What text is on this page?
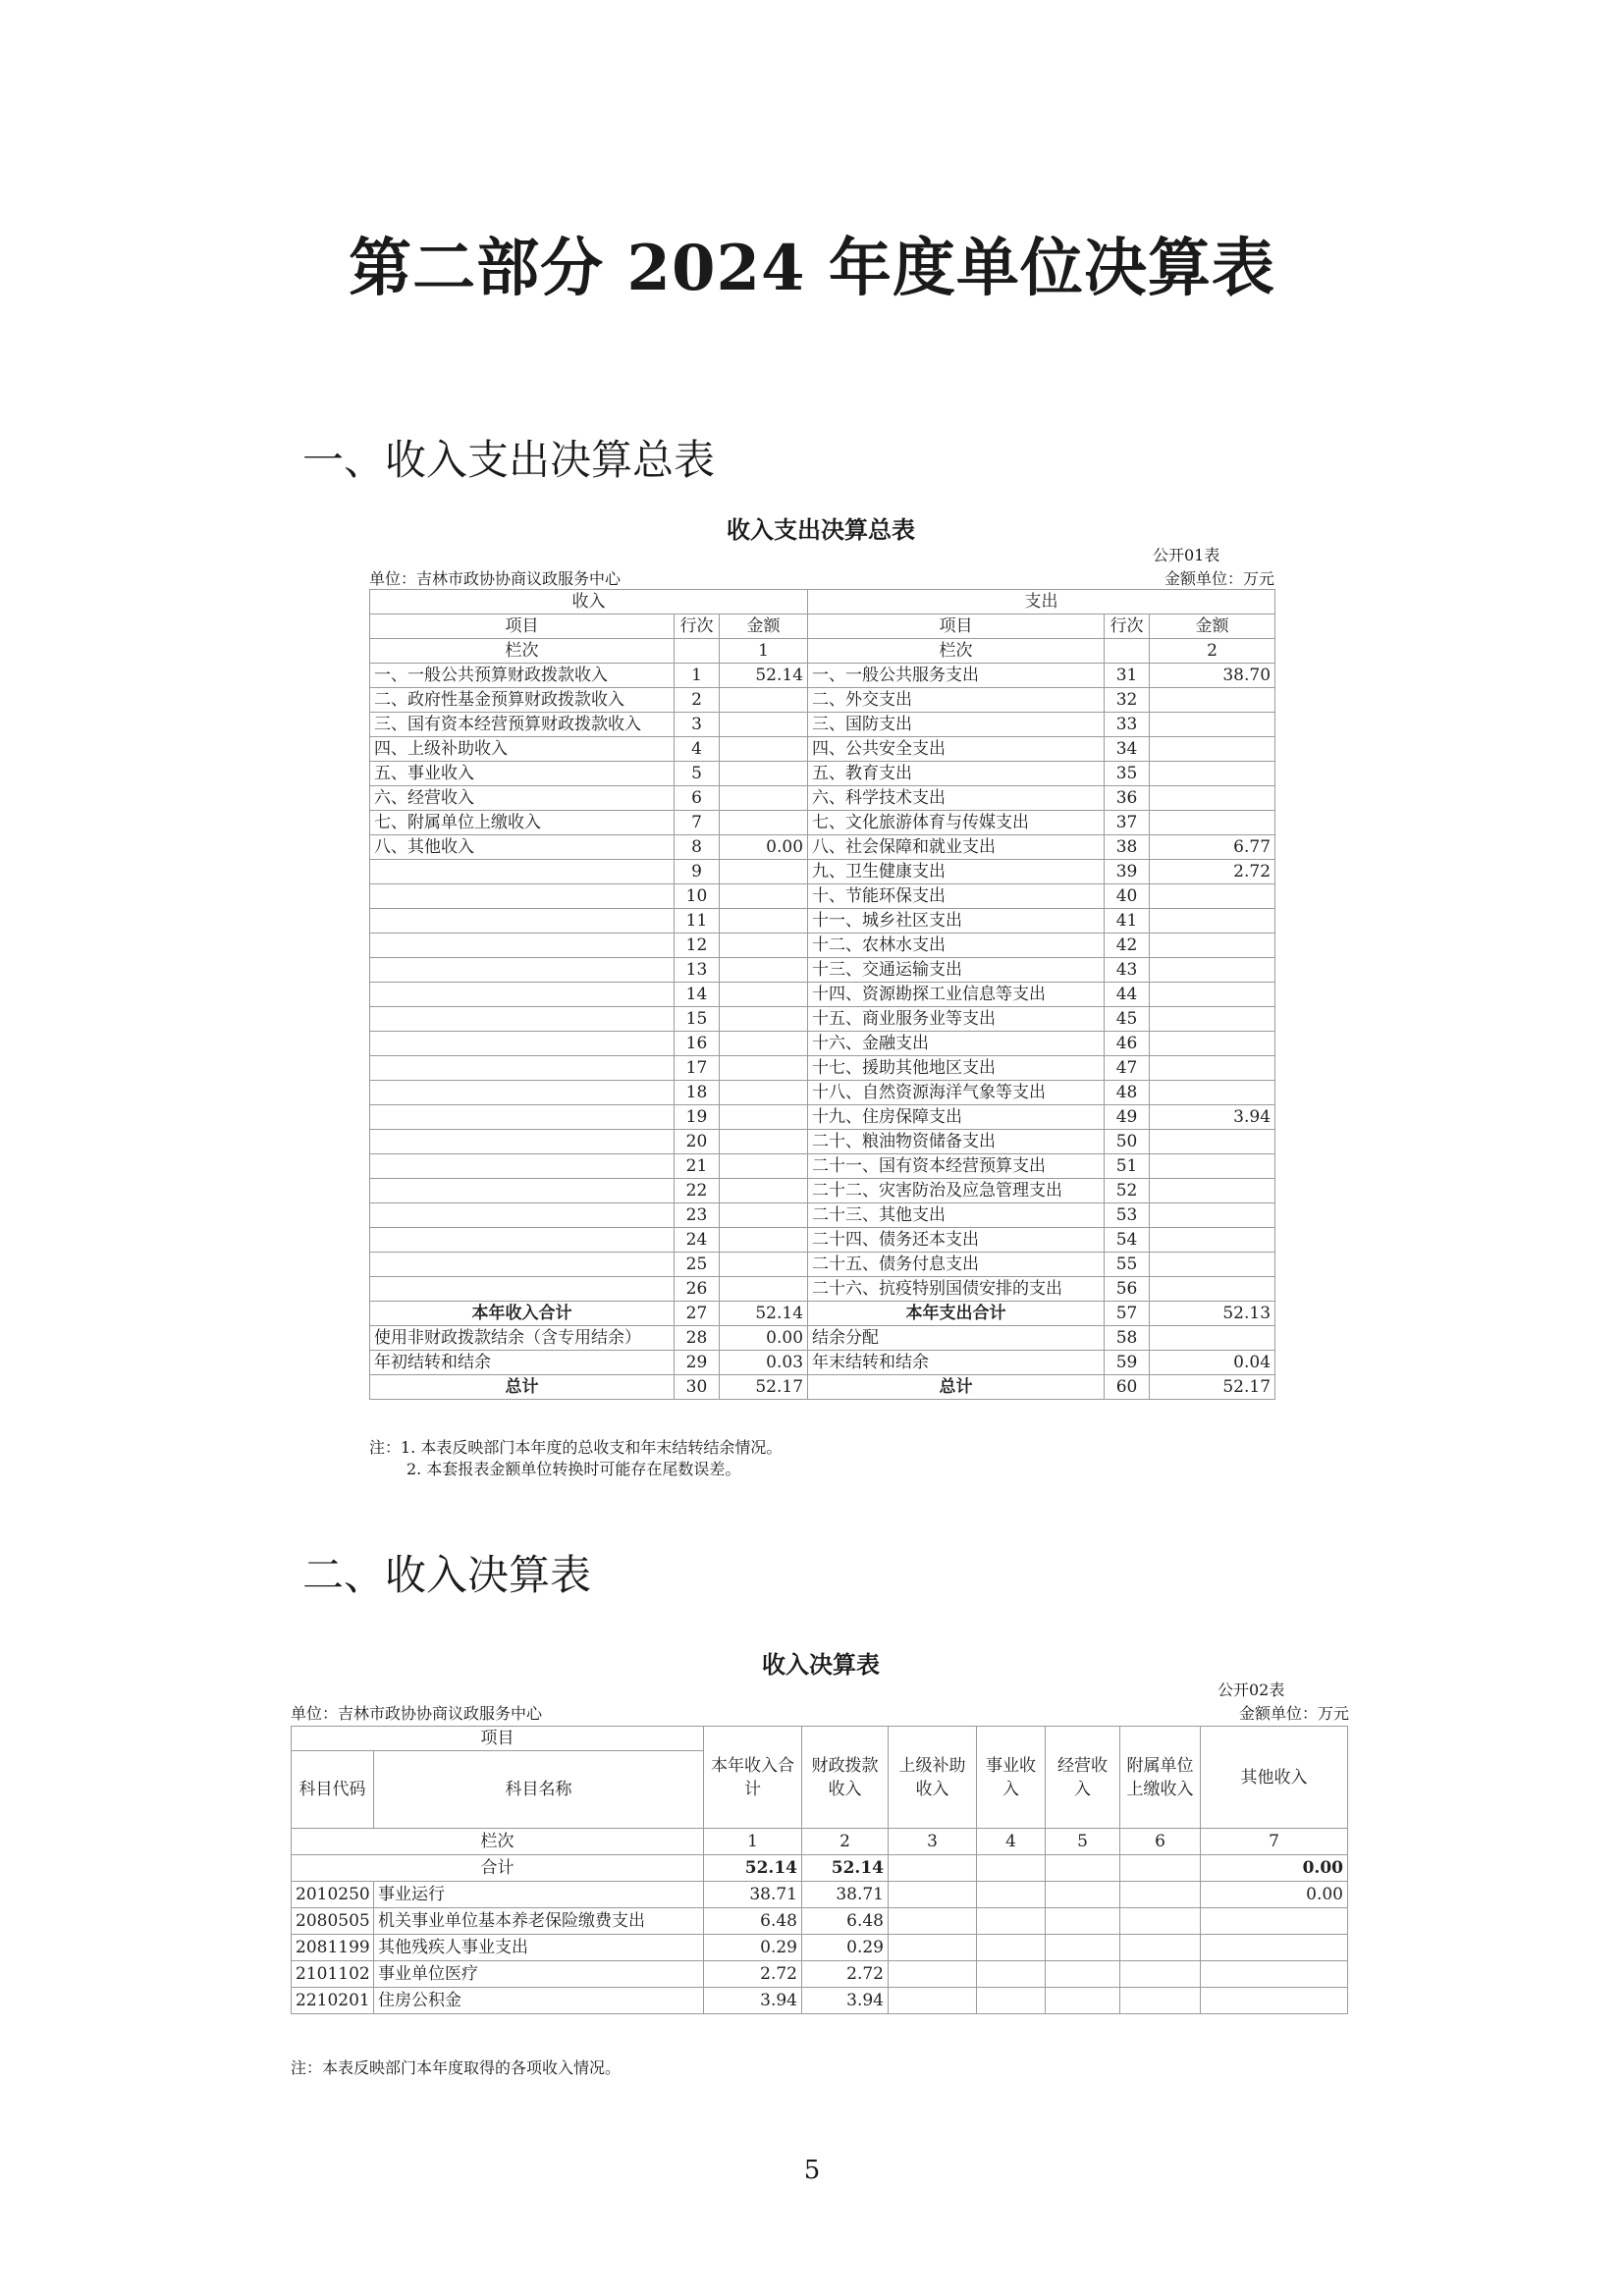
第二部分 2024 年度单位决算表
一、收入支出决算总表
收入支出决算总表
公开01表
单位：吉林市政协协商议政服务中心	金额单位：万元
收入			支出		
项目	行次	金额	项目	行次	金额
栏次		1	栏次		2
一、一般公共预算财政拨款收入	1	52.14	一、一般公共服务支出	31	38.70
二、政府性基金预算财政拨款收入	2		二、外交支出	32	
三、国有资本经营预算财政拨款收入	3		三、国防支出	33	
四、上级补助收入	4		四、公共安全支出	34	
五、事业收入	5		五、教育支出	35	
六、经营收入	6		六、科学技术支出	36	
七、附属单位上缴收入	7		七、文化旅游体育与传媒支出	37	
八、其他收入	8	0.00	八、社会保障和就业支出	38	6.77
	9		九、卫生健康支出	39	2.72
	10		十、节能环保支出	40	
	11		十一、城乡社区支出	41	
	12		十二、农林水支出	42	
	13		十三、交通运输支出	43	
	14		十四、资源勘探工业信息等支出	44	
	15		十五、商业服务业等支出	45	
	16		十六、金融支出	46	
	17		十七、援助其他地区支出	47	
	18		十八、自然资源海洋气象等支出	48	
	19		十九、住房保障支出	49	3.94
	20		二十、粮油物资储备支出	50	
	21		二十一、国有资本经营预算支出	51	
	22		二十二、灾害防治及应急管理支出	52	
	23		二十三、其他支出	53	
	24		二十四、债务还本支出	54	
	25		二十五、债务付息支出	55	
	26		二十六、抗疫特别国债安排的支出	56	
本年收入合计	27	52.14	本年支出合计	57	52.13
使用非财政拨款结余（含专用结余）	28	0.00	结余分配	58	
年初结转和结余	29	0.03	年末结转和结余	59	0.04
总计	30	52.17	总计	60	52.17
注：1. 本表反映部门本年度的总收支和年末结转结余情况。
2. 本套报表金额单位转换时可能存在尾数误差。
二、收入决算表
收入决算表
公开02表
单位：吉林市政协协商议政服务中心	金额单位：万元
项目		本年收入合计	财政拨款收入	上级补助收入	事业收入	经营收入	附属单位上缴收入	其他收入
科目代码	科目名称							
栏次		1	2	3	4	5	6	7
合计		52.14	52.14					0.00
2010250	事业运行	38.71	38.71					0.00
2080505	机关事业单位基本养老保险缴费支出	6.48	6.48					
2081199	其他残疾人事业支出	0.29	0.29					
2101102	事业单位医疗	2.72	2.72					
2210201	住房公积金	3.94	3.94					
注：本表反映部门本年度取得的各项收入情况。
5
